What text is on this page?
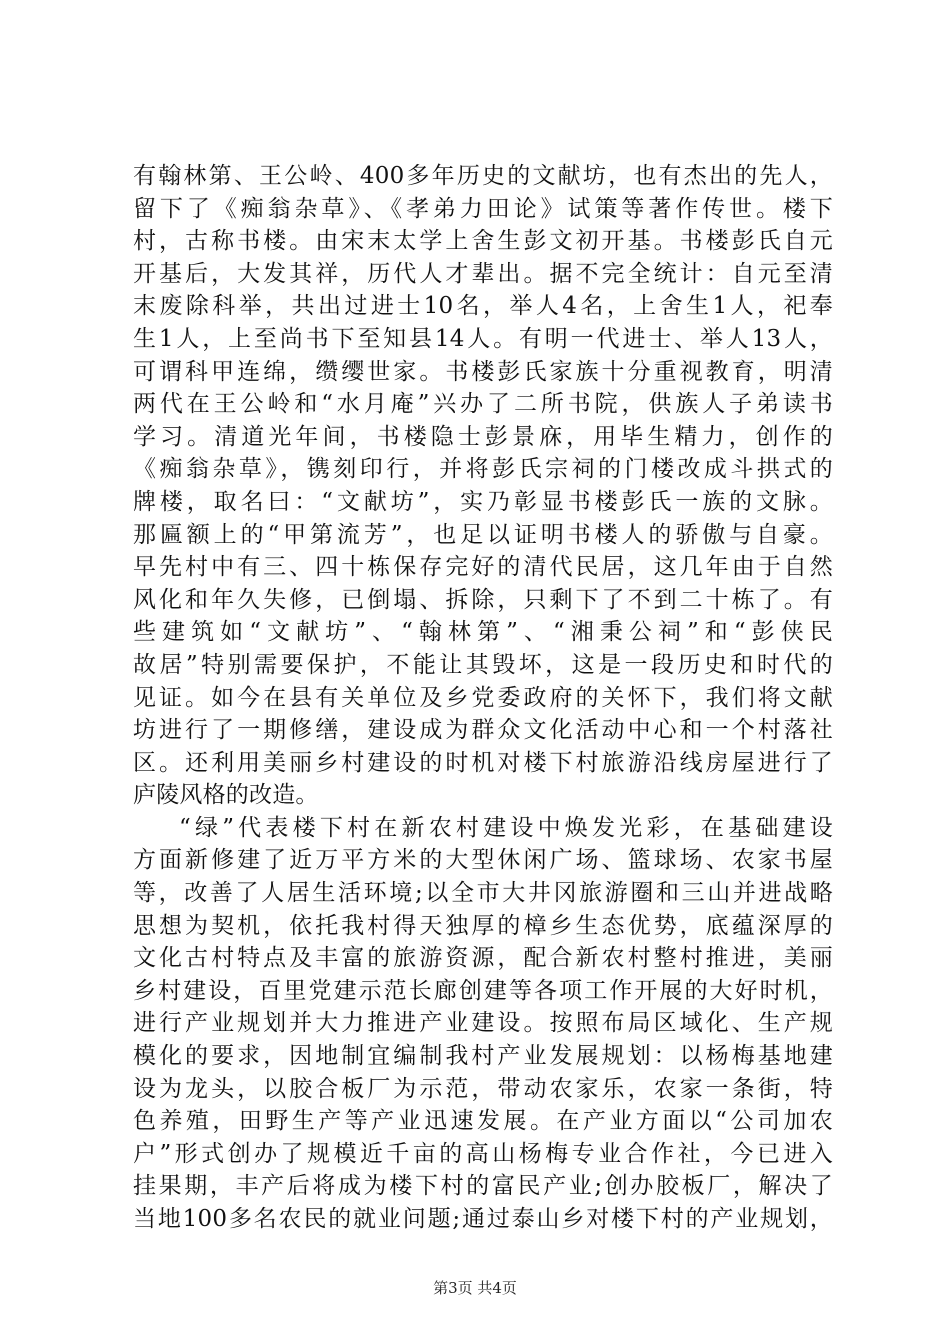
有翰林第、王公岭、400多年历史的文献坊，也有杰出的先人，
留下了《痴翁杂草》、《孝弟力田论》试策等著作传世。楼下
村，古称书楼。由宋末太学上舍生彭文初开基。书楼彭氏自元
开基后，大发其祥，历代人才辈出。据不完全统计：自元至清
末废除科举，共出过进士10名，举人4名，上舍生1人，祀奉
生1人，上至尚书下至知县14人。有明一代进士、举人13人，
可谓科甲连绵，缵缨世家。书楼彭氏家族十分重视教育，明清
两代在王公岭和“水月庵”兴办了二所书院，供族人子弟读书
学习。清道光年间，书楼隐士彭景庥，用毕生精力，创作的
《痴翁杂草》，镌刻印行，并将彭氏宗祠的门楼改成斗拱式的
牌楼，取名曰：“文献坊”，实乃彰显书楼彭氏一族的文脉。
那匾额上的“甲第流芳”，也足以证明书楼人的骄傲与自豪。
早先村中有三、四十栋保存完好的清代民居，这几年由于自然
风化和年久失修，已倒塌、拆除，只剩下了不到二十栋了。有
些建筑如“文献坊”、“翰林第”、“湘秉公祠”和“彭侠民
故居”特别需要保护，不能让其毁坏，这是一段历史和时代的
见证。如今在县有关单位及乡党委政府的关怀下，我们将文献
坊进行了一期修缮，建设成为群众文化活动中心和一个村落社
区。还利用美丽乡村建设的时机对楼下村旅游沿线房屋进行了
庐陵风格的改造。
“绿”代表楼下村在新农村建设中焕发光彩，在基础建设
方面新修建了近万平方米的大型休闲广场、篮球场、农家书屋
等，改善了人居生活环境;以全市大井冈旅游圈和三山并进战略
思想为契机，依托我村得天独厚的樟乡生态优势，底蕴深厚的
文化古村特点及丰富的旅游资源，配合新农村整村推进，美丽
乡村建设，百里党建示范长廊创建等各项工作开展的大好时机，
进行产业规划并大力推进产业建设。按照布局区域化、生产规
模化的要求，因地制宜编制我村产业发展规划：以杨梅基地建
设为龙头，以胶合板厂为示范，带动农家乐，农家一条街，特
色养殖，田野生产等产业迅速发展。在产业方面以“公司加农
户”形式创办了规模近千亩的高山杨梅专业合作社，今已进入
挂果期，丰产后将成为楼下村的富民产业;创办胶板厂，解决了
当地100多名农民的就业问题;通过泰山乡对楼下村的产业规划，
第3页 共4页
